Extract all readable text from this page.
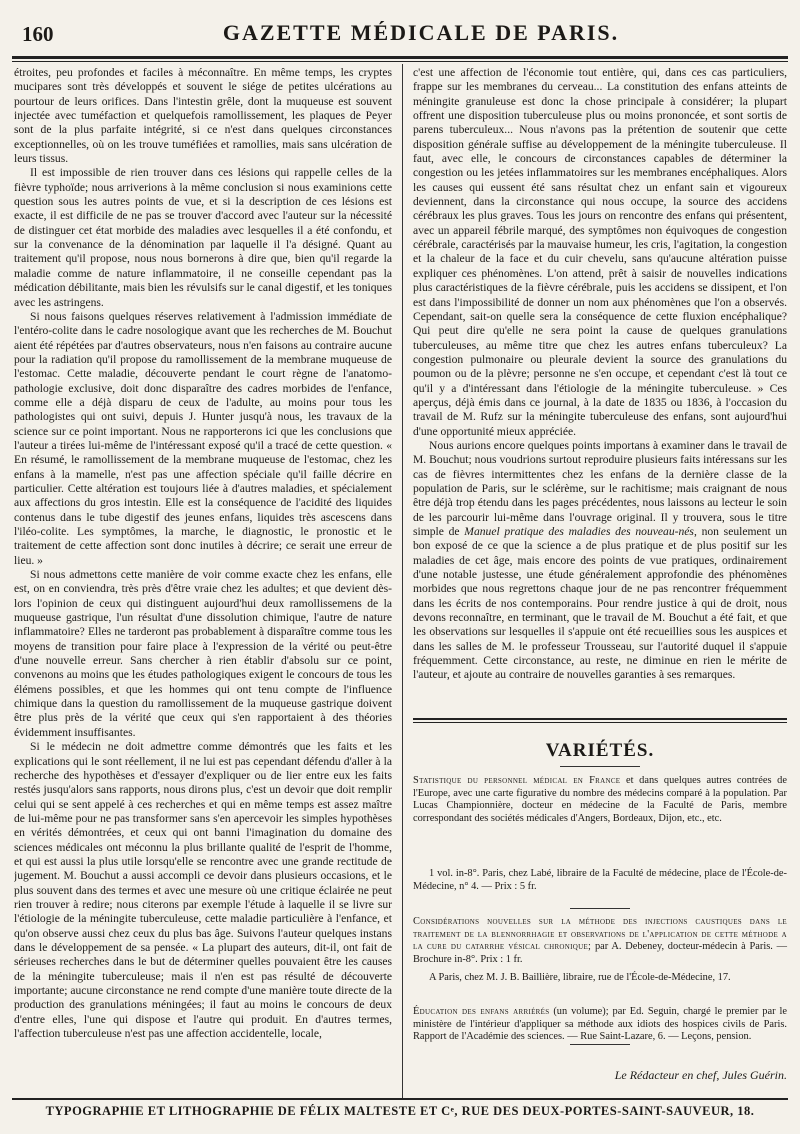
160	GAZETTE MÉDICALE DE PARIS.

étroites, peu profondes et faciles à méconnaître. En même temps, les cryptes mucipares sont très développés et souvent le siége de petites ulcérations au pourtour de leurs orifices. Dans l'intestin grêle, dont la muqueuse est souvent injectée avec tuméfaction et quelquefois ramollissement, les plaques de Peyer sont de la plus parfaite intégrité, si ce n'est dans quelques circonstances exceptionnelles, où on les trouve tuméfiées et ramollies, mais sans ulcération de leurs tissus.

Il est impossible de rien trouver dans ces lésions qui rappelle celles de la fièvre typhoïde; nous arriverions à la même conclusion si nous examinions cette question sous les autres points de vue, et si la description de ces lésions est exacte, il est difficile de ne pas se trouver d'accord avec l'auteur sur la nécessité de distinguer cet état morbide des maladies avec lesquelles il a été confondu, et sur la convenance de la dénomination par laquelle il l'a désigné. Quant au traitement qu'il propose, nous nous bornerons à dire que, bien qu'il regarde la maladie comme de nature inflammatoire, il ne conseille cependant pas la médication débilitante, mais bien les révulsifs sur le canal digestif, et les toniques avec les astringens.

Si nous faisons quelques réserves relativement à l'admission immédiate de l'entéro-colite dans le cadre nosologique avant que les recherches de M. Bouchut aient été répétées par d'autres observateurs, nous n'en faisons au contraire aucune pour la radiation qu'il propose du ramollissement de la membrane muqueuse de l'estomac. Cette maladie, découverte pendant le court règne de l'anatomo-pathologie exclusive, doit donc disparaître des cadres morbides de l'enfance, comme elle a déjà disparu de ceux de l'adulte, au moins pour tous les pathologistes qui ont suivi, depuis J. Hunter jusqu'à nous, les travaux de la science sur ce point important. Nous ne rapporterons ici que les conclusions que l'auteur a tirées lui-même de l'intéressant exposé qu'il a tracé de cette question. « En résumé, le ramollissement de la membrane muqueuse de l'estomac, chez les enfans à la mamelle, n'est pas une affection spéciale qu'il faille décrire en particulier. Cette altération est toujours liée à d'autres maladies, et spécialement aux affections du gros intestin. Elle est la conséquence de l'acidité des liquides contenus dans le tube digestif des jeunes enfans, liquides très ascescens dans l'iléo-colite. Les symptômes, la marche, le diagnostic, le pronostic et le traitement de cette affection sont donc inutiles à décrire; ce serait une erreur de lieu. »

Si nous admettons cette manière de voir comme exacte chez les enfans, elle est, on en conviendra, très près d'être vraie chez les adultes; et que devient dès-lors l'opinion de ceux qui distinguent aujourd'hui deux ramollissemens de la muqueuse gastrique, l'un résultat d'une dissolution chimique, l'autre de nature inflammatoire? Elles ne tarderont pas probablement à disparaître comme tous les moyens de transition pour faire place à l'expression de la vérité ou peut-être d'une nouvelle erreur. Sans chercher à rien établir d'absolu sur ce point, convenons au moins que les études pathologiques exigent le concours de tous les élémens possibles, et que les hommes qui ont tenu compte de l'influence chimique dans la question du ramollissement de la muqueuse gastrique doivent être plus près de la vérité que ceux qui s'en rapportaient à des théories évidemment insuffisantes.

Si le médecin ne doit admettre comme démontrés que les faits et les explications qui le sont réellement, il ne lui est pas cependant défendu d'aller à la recherche des hypothèses et d'essayer d'expliquer ou de lier entre eux les faits restés jusqu'alors sans rapports, nous dirons plus, c'est un devoir que doit remplir celui qui se sent appelé à ces recherches et qui en même temps est assez maître de lui-même pour ne pas transformer sans s'en apercevoir les simples hypothèses en vérités démontrées, et ceux qui ont banni l'imagination du domaine des sciences médicales ont méconnu la plus brillante qualité de l'esprit de l'homme, et qui est aussi la plus utile lorsqu'elle se rencontre avec une grande rectitude de jugement. M. Bouchut a aussi accompli ce devoir dans plusieurs occasions, et le plus souvent dans des termes et avec une mesure où une critique éclairée ne peut rien trouver à redire; nous citerons par exemple l'étude à laquelle il se livre sur l'étiologie de la méningite tuberculeuse, cette maladie particulière à l'enfance, et qu'on observe aussi chez ceux du plus bas âge. Suivons l'auteur quelques instans dans le développement de sa pensée. « La plupart des auteurs, dit-il, ont fait de sérieuses recherches dans le but de déterminer quelles pouvaient être les causes de la méningite tuberculeuse; mais il n'en est pas résulté de découverte importante; aucune circonstance ne rend compte d'une manière toute directe de la production des granulations méningées; il faut au moins le concours de deux d'entre elles, l'une qui dispose et l'autre qui produit. En d'autres termes, l'affection tuberculeuse n'est pas une affection accidentelle, locale,

c'est une affection de l'économie tout entière, qui, dans ces cas particuliers, frappe sur les membranes du cerveau... La constitution des enfans atteints de méningite granuleuse est donc la chose principale à considérer; la plupart offrent une disposition tuberculeuse plus ou moins prononcée, et sont sortis de parens tuberculeux... Nous n'avons pas la prétention de soutenir que cette disposition générale suffise au développement de la méningite tuberculeuse. Il faut, avec elle, le concours de circonstances capables de déterminer la congestion ou les jetées inflammatoires sur les membranes encéphaliques. Alors les causes qui eussent été sans résultat chez un enfant sain et vigoureux deviennent, dans la circonstance qui nous occupe, la source des accidens cérébraux les plus graves. Tous les jours on rencontre des enfans qui présentent, avec un appareil fébrile marqué, des symptômes non équivoques de congestion cérébrale, caractérisés par la mauvaise humeur, les cris, l'agitation, la congestion et la chaleur de la face et du cuir chevelu, sans qu'aucune altération puisse expliquer ces phénomènes. L'on attend, prêt à saisir de nouvelles indications plus caractéristiques de la fièvre cérébrale, puis les accidens se dissipent, et l'on est dans l'impossibilité de donner un nom aux phénomènes que l'on a observés. Cependant, sait-on quelle sera la conséquence de cette fluxion encéphalique? Qui peut dire qu'elle ne sera point la cause de quelques granulations tuberculeuses, au même titre que chez les autres enfans tuberculeux? La congestion pulmonaire ou pleurale devient la source des granulations du poumon ou de la plèvre; personne ne s'en occupe, et cependant c'est là tout ce qu'il y a d'intéressant dans l'étiologie de la méningite tuberculeuse. » Ces aperçus, déjà émis dans ce journal, à la date de 1835 ou 1836, à l'occasion du travail de M. Rufz sur la méningite tuberculeuse des enfans, sont aujourd'hui d'une opportunité mieux appréciée.

Nous aurions encore quelques points importans à examiner dans le travail de M. Bouchut; nous voudrions surtout reproduire plusieurs faits intéressans sur les cas de fièvres intermittentes chez les enfans de la dernière classe de la population de Paris, sur le sclérème, sur le rachitisme; mais craignant de nous être déjà trop étendu dans les pages précédentes, nous laissons au lecteur le soin de les parcourir lui-même dans l'ouvrage original. Il y trouvera, sous le titre simple de Manuel pratique des maladies des nouveau-nés, non seulement un bon exposé de ce que la science a de plus pratique et de plus positif sur les maladies de cet âge, mais encore des points de vue pratiques, ordinairement d'une notable justesse, une étude généralement approfondie des phénomènes morbides que nous regrettons chaque jour de ne pas rencontrer fréquemment dans les écrits de nos contemporains. Pour rendre justice à qui de droit, nous devons reconnaître, en terminant, que le travail de M. Bouchut a été fait, et que les observations sur lesquelles il s'appuie ont été recueillies sous les auspices et dans les salles de M. le professeur Trousseau, sur l'autorité duquel il s'appuie fréquemment. Cette circonstance, au reste, ne diminue en rien le mérite de l'auteur, et ajoute au contraire de nouvelles garanties à ses remarques.

VARIÉTÉS.

Statistique du personnel médical en France et dans quelques autres contrées de l'Europe, avec une carte figurative du nombre des médecins comparé à la population. Par Lucas Championnière, docteur en médecine de la Faculté de Paris, membre correspondant des sociétés médicales d'Angers, Bordeaux, Dijon, etc., etc.

1 vol. in-8°. Paris, chez Labé, libraire de la Faculté de médecine, place de l'École-de-Médecine, n° 4. — Prix : 5 fr.

Considérations nouvelles sur la méthode des injections caustiques dans le traitement de la blennorrhagie et observations de l'application de cette méthode a la cure du catarrhe vésical chronique; par A. Debeney, docteur-médecin à Paris. — Brochure in-8°. Prix : 1 fr.

A Paris, chez M. J. B. Baillière, libraire, rue de l'École-de-Médecine, 17.

Éducation des enfans arriérés (un volume); par Ed. Seguin, chargé le premier par le ministère de l'intérieur d'appliquer sa méthode aux idiots des hospices civils de Paris. Rapport de l'Académie des sciences. — Rue Saint-Lazare, 6. — Leçons, pension.

Le Rédacteur en chef, Jules Guérin.
TYPOGRAPHIE ET LITHOGRAPHIE DE FÉLIX MALTESTE ET Cᵉ, RUE DES DEUX-PORTES-SAINT-SAUVEUR, 18.
